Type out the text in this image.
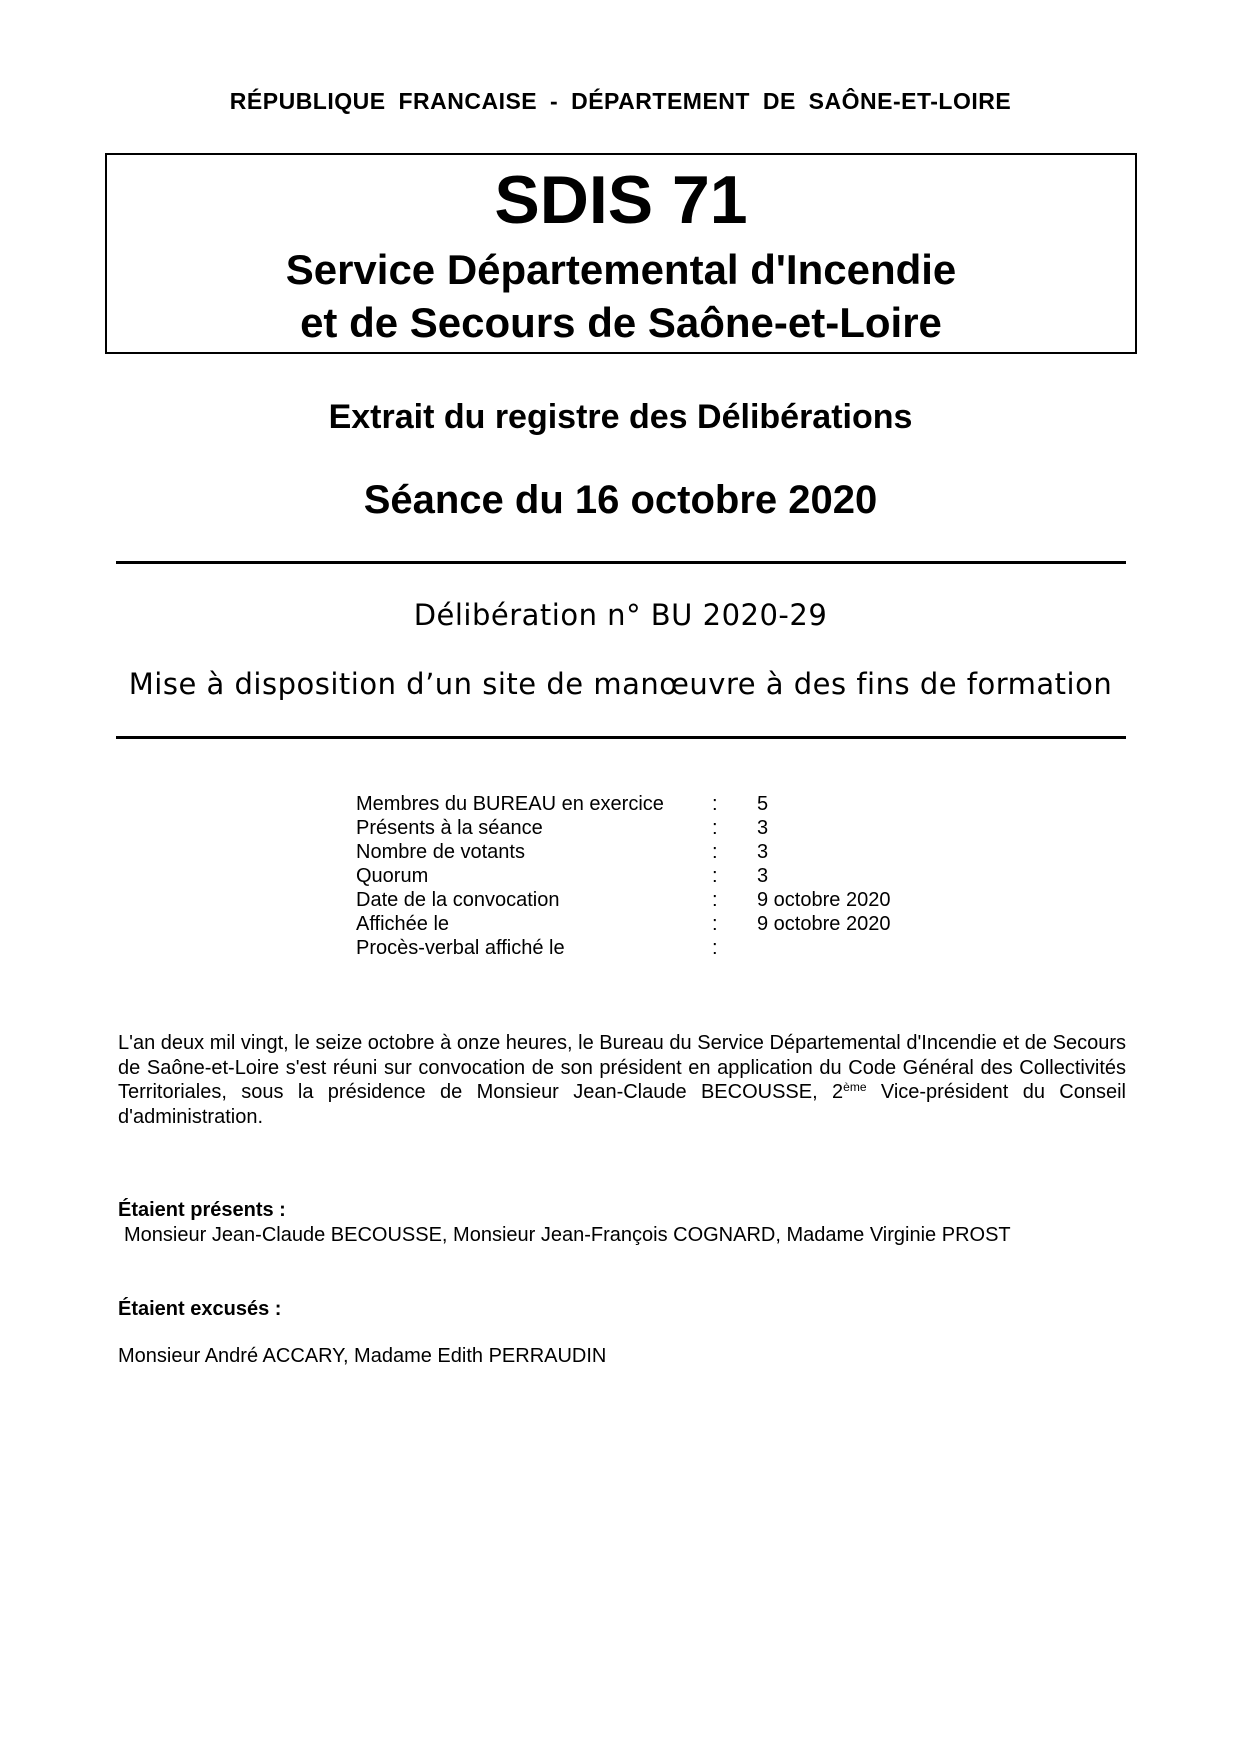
RÉPUBLIQUE FRANCAISE - DÉPARTEMENT DE SAÔNE-ET-LOIRE
SDIS 71
Service Départemental d'Incendie
et de Secours de Saône-et-Loire
Extrait du registre des Délibérations
Séance du 16 octobre 2020
Délibération n° BU 2020-29
Mise à disposition d’un site de manœuvre à des fins de formation
Membres du BUREAU en exercice : 5
Présents à la séance	: 3
Nombre de votants	: 3
Quorum	: 3
Date de la convocation	: 9 octobre 2020
Affichée le	: 9 octobre 2020
Procès-verbal affiché le	:
L'an deux mil vingt, le seize octobre à onze heures, le Bureau du Service Départemental d'Incendie et de Secours de Saône-et-Loire s'est réuni sur convocation de son président en application du Code Général des Collectivités Territoriales, sous la présidence de Monsieur Jean-Claude BECOUSSE, 2ème Vice-président du Conseil d'administration.
Étaient présents :
Monsieur Jean-Claude BECOUSSE, Monsieur Jean-François COGNARD, Madame Virginie PROST
Étaient excusés :
Monsieur André ACCARY, Madame Edith PERRAUDIN
